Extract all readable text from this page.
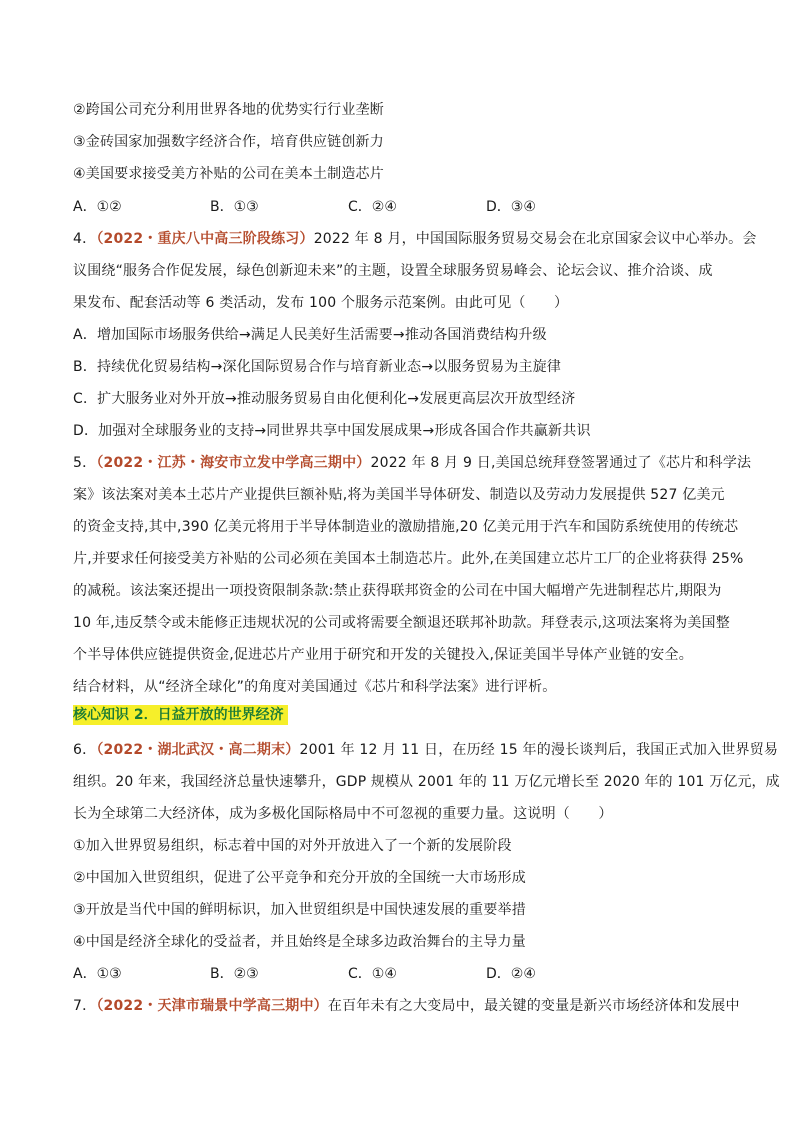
②跨国公司充分利用世界各地的优势实行行业垄断
③金砖国家加强数字经济合作，培育供应链创新力
④美国要求接受美方补贴的公司在美本土制造芯片
A．①②	B．①③	C．②④	D．③④
4．（2022・重庆八中高三阶段练习）2022 年 8 月，中国国际服务贸易交易会在北京国家会议中心举办。会
议围绕“服务合作促发展，绿色创新迎未来”的主题，设置全球服务贸易峰会、论坛会议、推介洽谈、成
果发布、配套活动等 6 类活动，发布 100 个服务示范案例。由此可见（　　）
A．增加国际市场服务供给→满足人民美好生活需要→推动各国消费结构升级
B．持续优化贸易结构→深化国际贸易合作与培育新业态→以服务贸易为主旋律
C．扩大服务业对外开放→推动服务贸易自由化便利化→发展更高层次开放型经济
D．加强对全球服务业的支持→同世界共享中国发展成果→形成各国合作共赢新共识
5．（2022・江苏・海安市立发中学高三期中）2022 年 8 月 9 日,美国总统拜登签署通过了《芯片和科学法
案》该法案对美本土芯片产业提供巨额补贴,将为美国半导体研发、制造以及劳动力发展提供 527 亿美元
的资金支持,其中,390 亿美元将用于半导体制造业的激励措施,20 亿美元用于汽车和国防系统使用的传统芯
片,并要求任何接受美方补贴的公司必须在美国本土制造芯片。此外,在美国建立芯片工厂的企业将获得 25%
的减税。该法案还提出一项投资限制条款:禁止获得联邦资金的公司在中国大幅增产先进制程芯片,期限为
10 年,违反禁令或未能修正违规状况的公司或将需要全额退还联邦补助款。拜登表示,这项法案将为美国整
个半导体供应链提供资金,促进芯片产业用于研究和开发的关键投入,保证美国半导体产业链的安全。
结合材料，从“经济全球化”的角度对美国通过《芯片和科学法案》进行评析。
核心知识 2．日益开放的世界经济
6．（2022・湖北武汉・高二期末）2001 年 12 月 11 日，在历经 15 年的漫长谈判后，我国正式加入世界贸易
组织。20 年来，我国经济总量快速攀升，GDP 规模从 2001 年的 11 万亿元增长至 2020 年的 101 万亿元，成
长为全球第二大经济体，成为多极化国际格局中不可忽视的重要力量。这说明（　　）
①加入世界贸易组织，标志着中国的对外开放进入了一个新的发展阶段
②中国加入世贸组织，促进了公平竞争和充分开放的全国统一大市场形成
③开放是当代中国的鲜明标识，加入世贸组织是中国快速发展的重要举措
④中国是经济全球化的受益者，并且始终是全球多边政治舞台的主导力量
A．①③	B．②③	C．①④	D．②④
7．（2022・天津市瑞景中学高三期中）在百年未有之大变局中，最关键的变量是新兴市场经济体和发展中
